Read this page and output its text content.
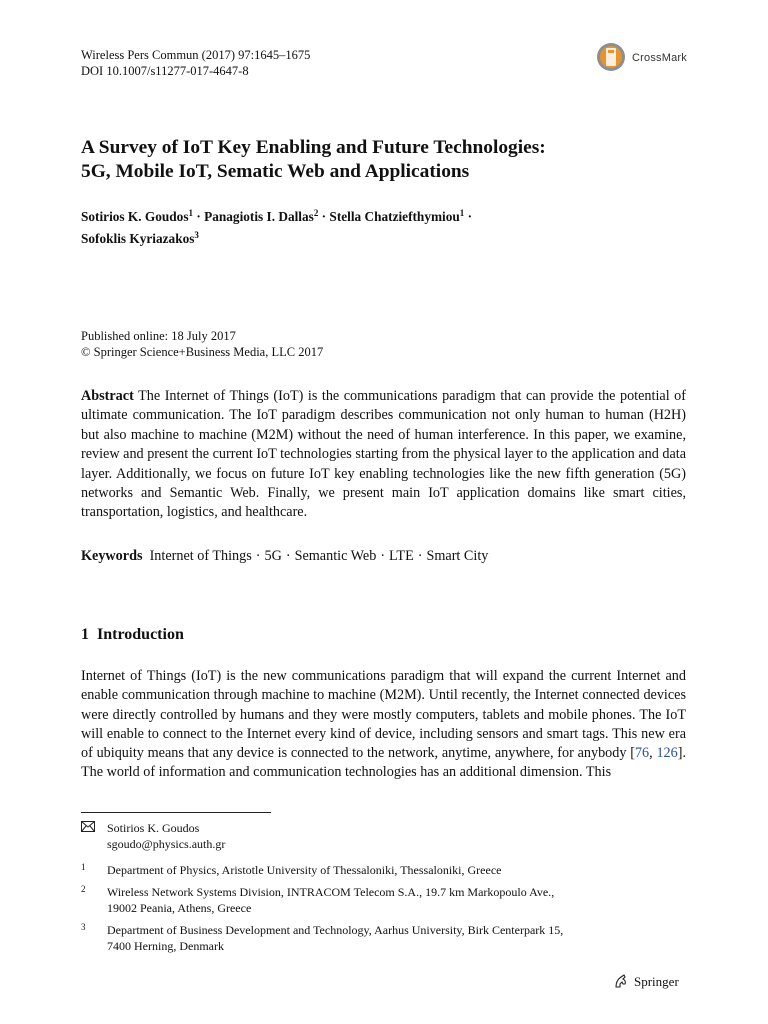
Wireless Pers Commun (2017) 97:1645–1675
DOI 10.1007/s11277-017-4647-8
CrossMark
A Survey of IoT Key Enabling and Future Technologies:
5G, Mobile IoT, Sematic Web and Applications
Sotirios K. Goudos$^1$ · Panagiotis I. Dallas$^2$ · Stella Chatziefthymiou$^1$ ·
Sofoklis Kyriazakos$^3$
Published online: 18 July 2017
© Springer Science+Business Media, LLC 2017

Abstract The Internet of Things (IoT) is the communications paradigm that can provide the potential of ultimate communication. The IoT paradigm describes communication not only human to human (H2H) but also machine to machine (M2M) without the need of human interference. In this paper, we examine, review and present the current IoT technologies starting from the physical layer to the application and data layer. Additionally, we focus on future IoT key enabling technologies like the new fifth generation (5G) networks and Semantic Web. Finally, we present main IoT application domains like smart cities, transportation, logistics, and healthcare.

Keywords Internet of Things · 5G · Semantic Web · LTE · Smart City
1 Introduction

Internet of Things (IoT) is the new communications paradigm that will expand the current Internet and enable communication through machine to machine (M2M). Until recently, the Internet connected devices were directly controlled by humans and they were mostly computers, tablets and mobile phones. The IoT will enable to connect to the Internet every kind of device, including sensors and smart tags. This new era of ubiquity means that any device is connected to the network, anytime, anywhere, for anybody [76, 126]. The world of information and communication technologies has an additional dimension. This

Sotirios K. Goudos
sgoudo@physics.auth.gr
1 Department of Physics, Aristotle University of Thessaloniki, Thessaloniki, Greece
2 Wireless Network Systems Division, INTRACOM Telecom S.A., 19.7 km Markopoulo Ave.,
19002 Peania, Athens, Greece
3 Department of Business Development and Technology, Aarhus University, Birk Centerpark 15,
7400 Herning, Denmark
Springer
